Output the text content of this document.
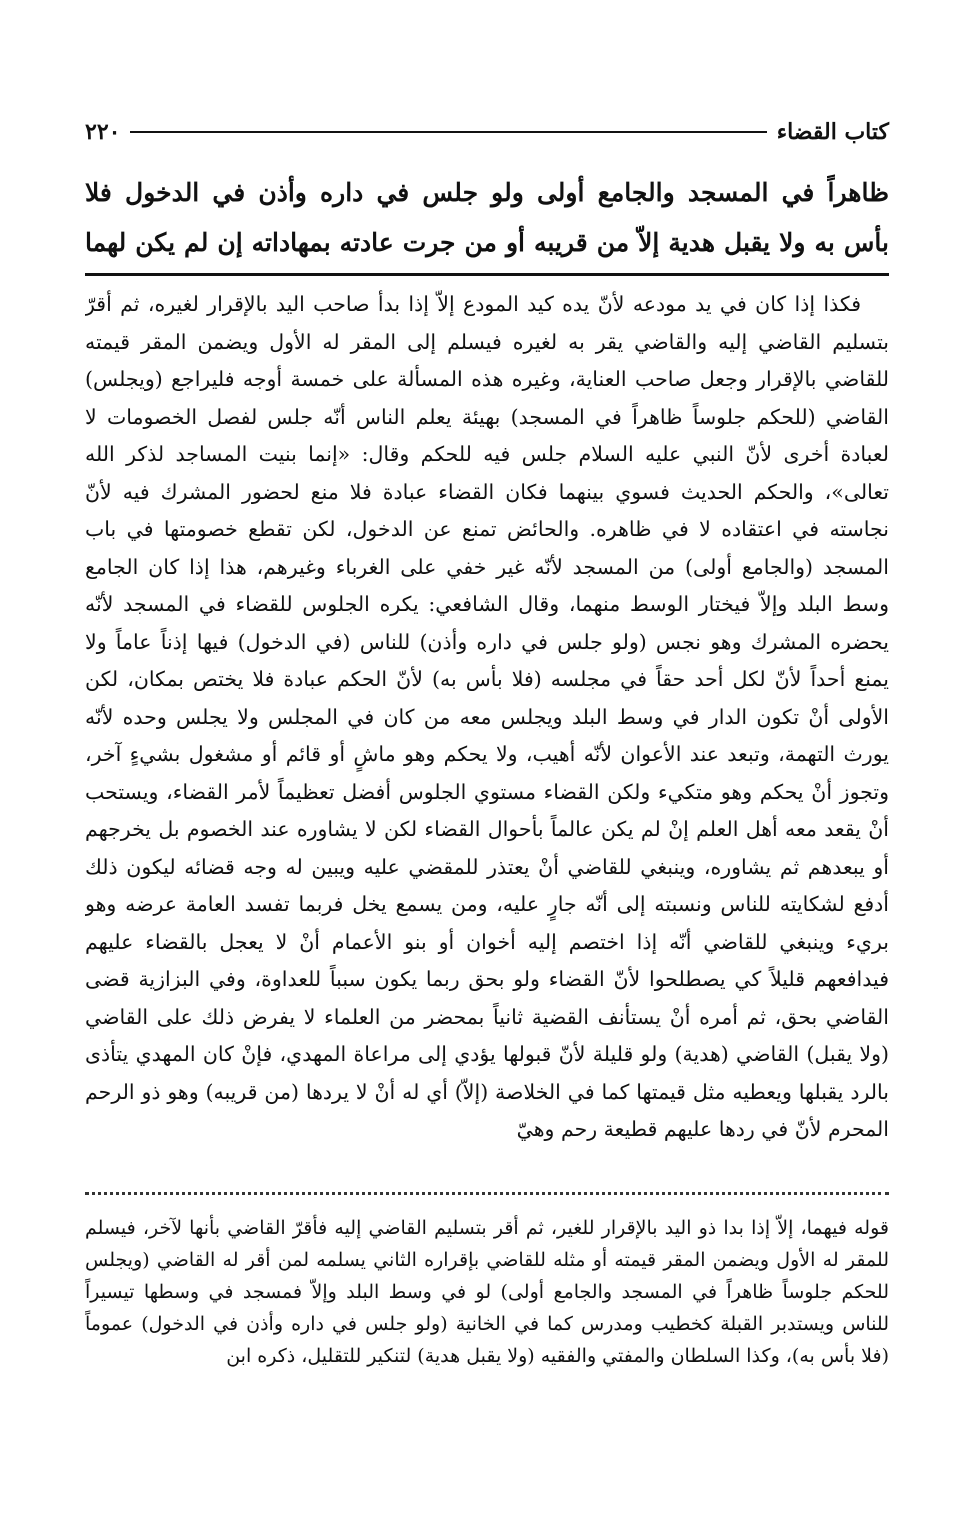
٢٢٠	كتاب القضاء

ظاهراً في المسجد والجامع أولى ولو جلس في داره وأذن في الدخول فلا بأس به ولا يقبل هدية إلاّ من قريبه أو من جرت عادته بمهاداته إن لم يكن لهما

فكذا إذا كان في يد مودعه لأنّ يده كيد المودع إلاّ إذا بدأ صاحب اليد بالإقرار لغيره، ثم أقرّ بتسليم القاضي إليه والقاضي يقر به لغيره فيسلم إلى المقر له الأول ويضمن المقر قيمته للقاضي بالإقرار وجعل صاحب العناية، وغيره هذه المسألة على خمسة أوجه فليراجع (ويجلس) القاضي (للحكم جلوساً ظاهراً في المسجد) بهيئة يعلم الناس أنّه جلس لفصل الخصومات لا لعبادة أخرى لأنّ النبي عليه السلام جلس فيه للحكم وقال: «إنما بنيت المساجد لذكر الله تعالى»، والحكم الحديث فسوي بينهما فكان القضاء عبادة فلا منع لحضور المشرك فيه لأنّ نجاسته في اعتقاده لا في ظاهره. والحائض تمنع عن الدخول، لكن تقطع خصومتها في باب المسجد (والجامع أولى) من المسجد لأنّه غير خفي على الغرباء وغيرهم، هذا إذا كان الجامع وسط البلد وإلاّ فيختار الوسط منهما، وقال الشافعي: يكره الجلوس للقضاء في المسجد لأنّه يحضره المشرك وهو نجس (ولو جلس في داره وأذن) للناس (في الدخول) فيها إذناً عاماً ولا يمنع أحداً لأنّ لكل أحد حقاً في مجلسه (فلا بأس به) لأنّ الحكم عبادة فلا يختص بمكان، لكن الأولى أنْ تكون الدار في وسط البلد ويجلس معه من كان في المجلس ولا يجلس وحده لأنّه يورث التهمة، وتبعد عند الأعوان لأنّه أهيب، ولا يحكم وهو ماشٍ أو قائم أو مشغول بشيءٍ آخر، وتجوز أنْ يحكم وهو متكيء ولكن القضاء مستوي الجلوس أفضل تعظيماً لأمر القضاء، ويستحب أنْ يقعد معه أهل العلم إنْ لم يكن عالماً بأحوال القضاء لكن لا يشاوره عند الخصوم بل يخرجهم أو يبعدهم ثم يشاوره، وينبغي للقاضي أنْ يعتذر للمقضي عليه ويبين له وجه قضائه ليكون ذلك أدفع لشكايته للناس ونسبته إلى أنّه جارٍ عليه، ومن يسمع يخل فربما تفسد العامة عرضه وهو بريء وينبغي للقاضي أنّه إذا اختصم إليه أخوان أو بنو الأعمام أنْ لا يعجل بالقضاء عليهم فيدافعهم قليلاً كي يصطلحوا لأنّ القضاء ولو بحق ربما يكون سبباً للعداوة، وفي البزازية قضى القاضي بحق، ثم أمره أنْ يستأنف القضية ثانياً بمحضر من العلماء لا يفرض ذلك على القاضي (ولا يقبل) القاضي (هدية) ولو قليلة لأنّ قبولها يؤدي إلى مراعاة المهدي، فإنْ كان المهدي يتأذى بالرد يقبلها ويعطيه مثل قيمتها كما في الخلاصة (إلاّ) أي له أنْ لا يردها (من قريبه) وهو ذو الرحم المحرم لأنّ في ردها عليهم قطيعة رحم وهيّ

قوله فيهما، إلاّ إذا بدا ذو اليد بالإقرار للغير، ثم أقر بتسليم القاضي إليه فأقرّ القاضي بأنها لآخر، فيسلم للمقر له الأول ويضمن المقر قيمته أو مثله للقاضي بإقراره الثاني يسلمه لمن أقر له القاضي (ويجلس للحكم جلوساً ظاهراً في المسجد والجامع أولى) لو في وسط البلد وإلاّ فمسجد في وسطها تيسيراً للناس ويستدبر القبلة كخطيب ومدرس كما في الخانية (ولو جلس في داره وأذن في الدخول) عموماً (فلا بأس به)، وكذا السلطان والمفتي والفقيه (ولا يقبل هدية) لتنكير للتقليل، ذكره ابن
